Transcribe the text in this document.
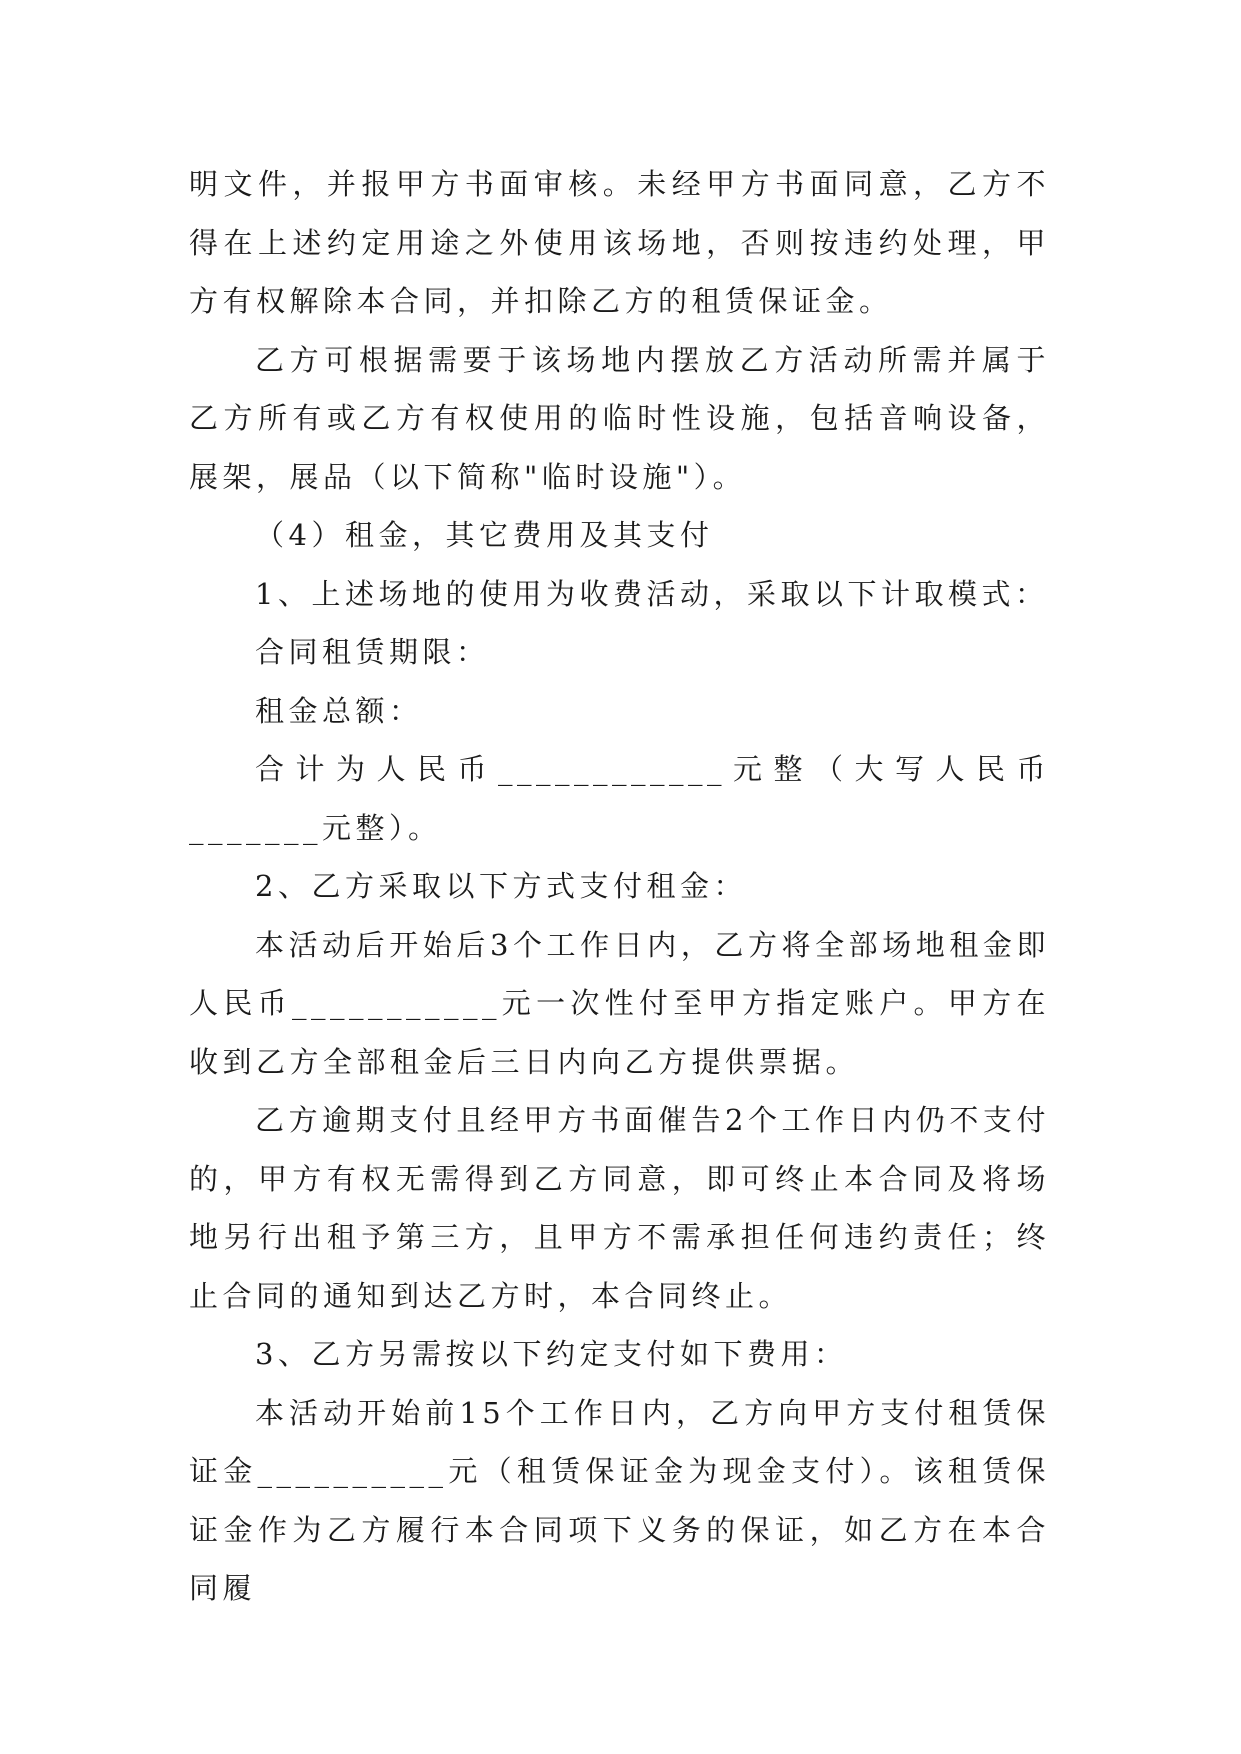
明文件，并报甲方书面审核。未经甲方书面同意，乙方不得在上述约定用途之外使用该场地，否则按违约处理，甲方有权解除本合同，并扣除乙方的租赁保证金。

乙方可根据需要于该场地内摆放乙方活动所需并属于乙方所有或乙方有权使用的临时性设施，包括音响设备，展架，展品（以下简称"临时设施"）。

（4）租金，其它费用及其支付

1、上述场地的使用为收费活动，采取以下计取模式：

合同租赁期限：

租金总额：

合计为人民币____________元整（大写人民币_______元整）。

2、乙方采取以下方式支付租金：

本活动后开始后3个工作日内，乙方将全部场地租金即人民币___________元一次性付至甲方指定账户。甲方在收到乙方全部租金后三日内向乙方提供票据。

乙方逾期支付且经甲方书面催告2个工作日内仍不支付的，甲方有权无需得到乙方同意，即可终止本合同及将场地另行出租予第三方，且甲方不需承担任何违约责任；终止合同的通知到达乙方时，本合同终止。

3、乙方另需按以下约定支付如下费用：

本活动开始前15个工作日内，乙方向甲方支付租赁保证金__________元（租赁保证金为现金支付）。该租赁保证金作为乙方履行本合同项下义务的保证，如乙方在本合同履
